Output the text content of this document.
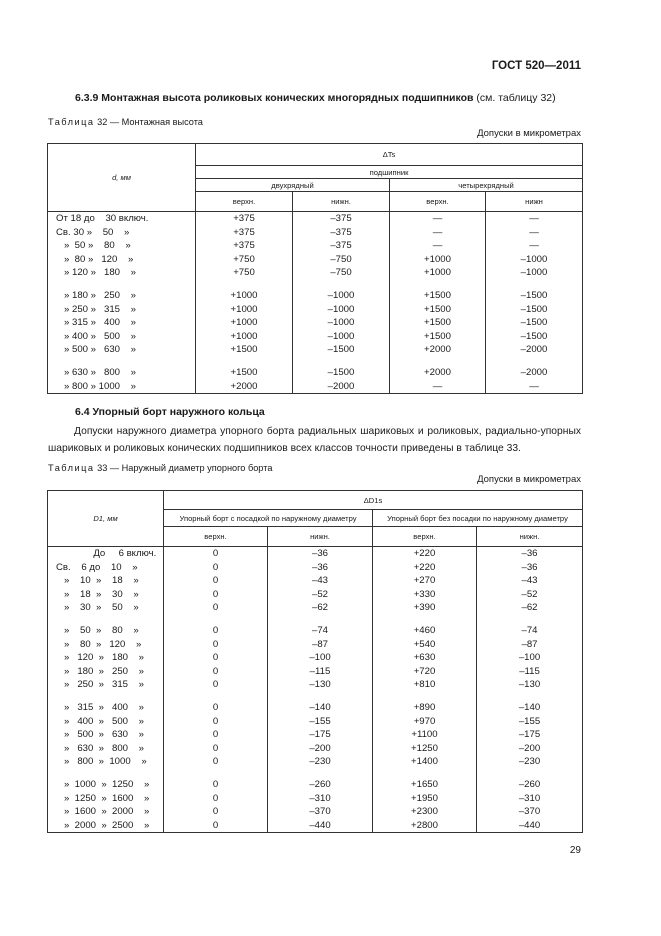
ГОСТ 520—2011
6.3.9 Монтажная высота роликовых конических многорядных подшипников (см. таблицу 32)
Таблица 32 — Монтажная высота
Допуски в микрометрах
d, мм	ΔTs			
	подшипник			
	двухрядный		четырехрядный	
	верхн.	нижн.	верхн.	нижн
От 18 до    30 включ.	+375	–375	—	—
Св. 30 »    50    »	+375	–375	—	—
»  50 »    80    »	+375	–375	—	—
»  80 »   120    »	+750	–750	+1000	–1000
» 120 »   180    »	+750	–750	+1000	–1000

» 180 »   250    »	+1000	–1000	+1500	–1500
» 250 »   315    »	+1000	–1000	+1500	–1500
» 315 »   400    »	+1000	–1000	+1500	–1500
» 400 »   500    »	+1000	–1000	+1500	–1500
» 500 »   630    »	+1500	–1500	+2000	–2000

» 630 »   800    »	+1500	–1500	+2000	–2000
» 800 » 1000    »	+2000	–2000	—	—
6.4 Упорный борт наружного кольца
Допуски наружного диаметра упорного борта радиальных шариковых и роликовых, радиально-упорных шариковых и роликовых конических подшипников всех классов точности приведены в таблице 33.
Таблица 33 — Наружный диаметр упорного борта
Допуски в микрометрах
D1, мм	ΔD1s			
	Упорный борт с посадкой по наружному диаметру		Упорный борт без посадки по наружному диаметру	
	верхн.	нижн.	верхн.	нижн.
До     6 включ.	0	–36	+220	–36
Св.    6 до    10    »	0	–36	+220	–36
»    10  »    18    »	0	–43	+270	–43
»    18  »    30    »	0	–52	+330	–52
»    30  »    50    »	0	–62	+390	–62

»    50  »    80    »	0	–74	+460	–74
»    80  »   120    »	0	–87	+540	–87
»   120  »   180    »	0	–100	+630	–100
»   180  »   250    »	0	–115	+720	–115
»   250  »   315    »	0	–130	+810	–130

»   315  »   400    »	0	–140	+890	–140
»   400  »   500    »	0	–155	+970	–155
»   500  »   630    »	0	–175	+1100	–175
»   630  »   800    »	0	–200	+1250	–200
»   800  »  1000    »	0	–230	+1400	–230

»  1000  »  1250    »	0	–260	+1650	–260
»  1250  »  1600    »	0	–310	+1950	–310
»  1600  »  2000    »	0	–370	+2300	–370
»  2000  »  2500    »	0	–440	+2800	–440
29
